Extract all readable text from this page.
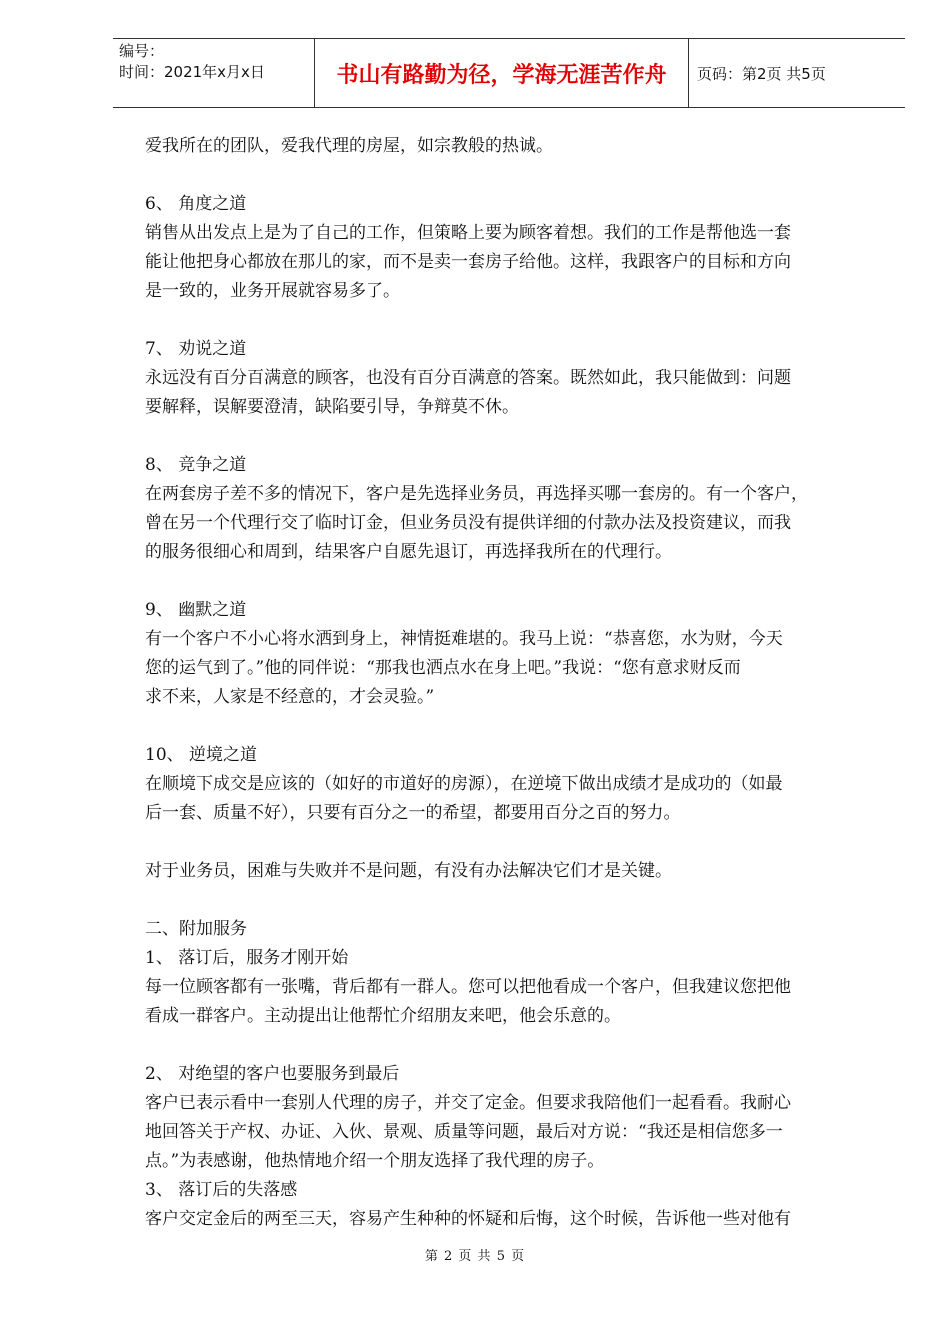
编号：
时间：2021年x月x日	书山有路勤为径，学海无涯苦作舟	页码：第2页 共5页
爱我所在的团队，爱我代理的房屋，如宗教般的热诚。
6、 角度之道
销售从出发点上是为了自己的工作，但策略上要为顾客着想。我们的工作是帮他选一套
能让他把身心都放在那儿的家，而不是卖一套房子给他。这样，我跟客户的目标和方向
是一致的，业务开展就容易多了。
7、 劝说之道
永远没有百分百满意的顾客，也没有百分百满意的答案。既然如此，我只能做到：问题
要解释，误解要澄清，缺陷要引导，争辩莫不休。
8、 竞争之道
在两套房子差不多的情况下，客户是先选择业务员，再选择买哪一套房的。有一个客户，
曾在另一个代理行交了临时订金，但业务员没有提供详细的付款办法及投资建议，而我
的服务很细心和周到，结果客户自愿先退订，再选择我所在的代理行。
9、 幽默之道
有一个客户不小心将水洒到身上，神情挺难堪的。我马上说：“恭喜您，水为财，今天
您的运气到了。”他的同伴说：“那我也洒点水在身上吧。”我说：“您有意求财反而
求不来，人家是不经意的，才会灵验。”
10、 逆境之道
在顺境下成交是应该的（如好的市道好的房源），在逆境下做出成绩才是成功的（如最
后一套、质量不好），只要有百分之一的希望，都要用百分之百的努力。
对于业务员，困难与失败并不是问题，有没有办法解决它们才是关键。
二、附加服务
1、 落订后，服务才刚开始
每一位顾客都有一张嘴，背后都有一群人。您可以把他看成一个客户，但我建议您把他
看成一群客户。主动提出让他帮忙介绍朋友来吧，他会乐意的。
2、 对绝望的客户也要服务到最后
客户已表示看中一套别人代理的房子，并交了定金。但要求我陪他们一起看看。我耐心
地回答关于产权、办证、入伙、景观、质量等问题，最后对方说：“我还是相信您多一
点。”为表感谢，他热情地介绍一个朋友选择了我代理的房子。
3、 落订后的失落感
客户交定金后的两至三天，容易产生种种的怀疑和后悔，这个时候，告诉他一些对他有
第 2 页 共 5 页
